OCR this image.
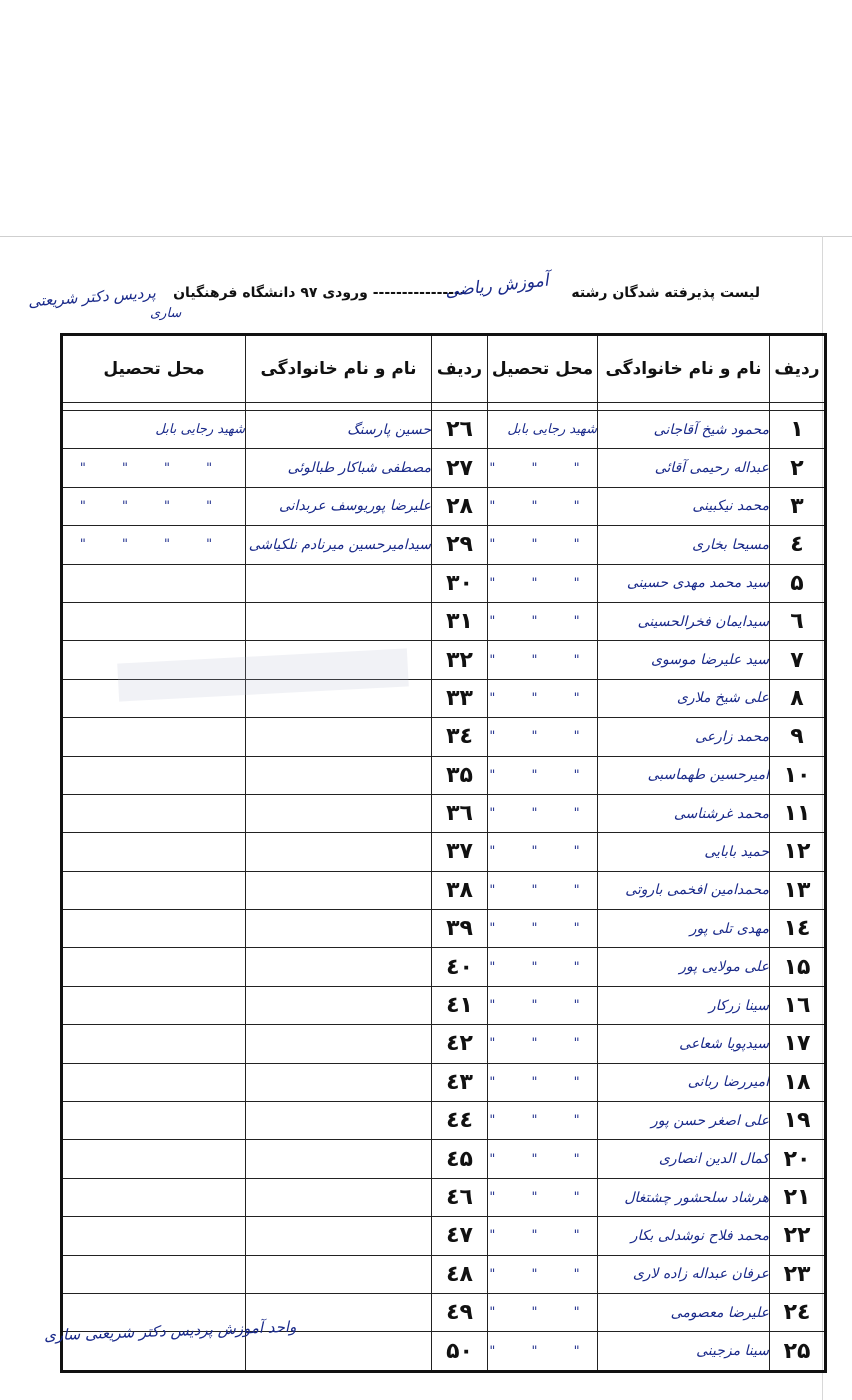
لیست پذیرفته شدگان رشته  ---------------- ورودی ۹۷ دانشگاه فرهنگیان
آموزش ریاضی
پردیس دکتر شریعتی
ساری
ردیف	نام و نام خانوادگی	محل تحصیل	ردیف	نام و نام خانوادگی	محل تحصیل

۱	محمود شیخ آقاجانی	شهید رجایی بابل	۲٦	حسین پارسنگ	شهید رجایی بابل
۲	عبداله رحیمی آقائی	" " "	۲۷	مصطفی شباکار طبالوئی	" " " "
۳	محمد نیکبینی	" " "	۲۸	علیرضا پوریوسف عربدانی	" " " "
٤	مسیحا بخاری	" " "	۲۹	سیدامیرحسین میرنادم نلکیاشی	" " " "
۵	سید محمد مهدی حسینی	" " "	۳۰		
٦	سیدایمان فخرالحسینی	" " "	۳۱		
۷	سید علیرضا موسوی	" " "	۳۲		
۸	علی شیخ ملاری	" " "	۳۳		
۹	محمد زارعی	" " "	۳٤		
۱۰	امیرحسین طهماسبی	" " "	۳۵		
۱۱	محمد غرشناسی	" " "	۳٦		
۱۲	حمید بابایی	" " "	۳۷		
۱۳	محمدامین افخمی باروتی	" " "	۳۸		
۱٤	مهدی تلی پور	" " "	۳۹		
۱۵	علی مولایی پور	" " "	٤۰		
۱٦	سینا زرکار	" " "	٤۱		
۱۷	سیدپویا شعاعی	" " "	٤۲		
۱۸	امیررضا ربانی	" " "	٤۳		
۱۹	علی اصغر حسن پور	" " "	٤٤		
۲۰	کمال الدین انصاری	" " "	٤۵		
۲۱	هرشاد سلحشور چشتغال	" " "	٤٦		
۲۲	محمد فلاح نوشدلی بکار	" " "	٤۷		
۲۳	عرفان عبداله زاده لاری	" " "	٤۸		
۲٤	علیرضا معصومی	" " "	٤۹		
۲۵	سینا مزجینی	" " "	۵۰		
واحد آموزش پردیس دکتر شریعتی ساری
